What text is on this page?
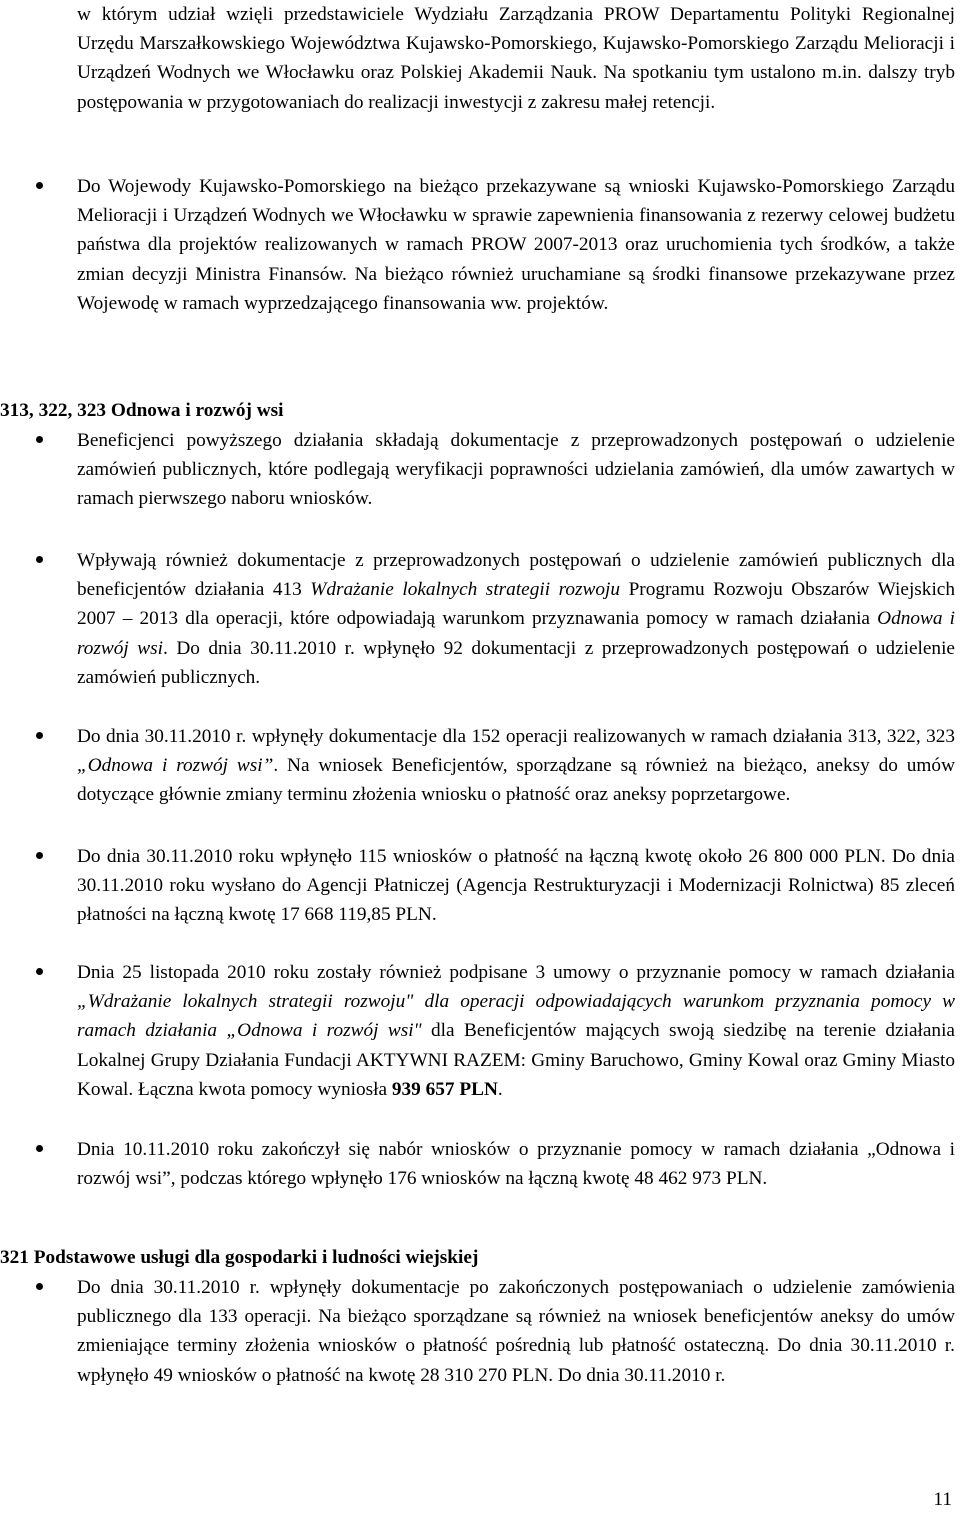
w którym udział wzięli przedstawiciele Wydziału Zarządzania PROW Departamentu Polityki Regionalnej Urzędu Marszałkowskiego Województwa Kujawsko-Pomorskiego, Kujawsko-Pomorskiego Zarządu Melioracji i Urządzeń Wodnych we Włocławku oraz Polskiej Akademii Nauk. Na spotkaniu tym ustalono m.in. dalszy tryb postępowania w przygotowaniach do realizacji inwestycji z zakresu małej retencji.

Do Wojewody Kujawsko-Pomorskiego na bieżąco przekazywane są wnioski Kujawsko-Pomorskiego Zarządu Melioracji i Urządzeń Wodnych we Włocławku w sprawie zapewnienia finansowania z rezerwy celowej budżetu państwa dla projektów realizowanych w ramach PROW 2007-2013 oraz uruchomienia tych środków, a także zmian decyzji Ministra Finansów. Na bieżąco również uruchamiane są środki finansowe przekazywane przez Wojewodę w ramach wyprzedzającego finansowania ww. projektów.

313, 322, 323 Odnowa i rozwój wsi

Beneficjenci powyższego działania składają dokumentacje z przeprowadzonych postępowań o udzielenie zamówień publicznych, które podlegają weryfikacji poprawności udzielania zamówień, dla umów zawartych w ramach pierwszego naboru wniosków.

Wpływają również dokumentacje z przeprowadzonych postępowań o udzielenie zamówień publicznych dla beneficjentów działania 413 Wdrażanie lokalnych strategii rozwoju Programu Rozwoju Obszarów Wiejskich 2007 – 2013 dla operacji, które odpowiadają warunkom przyznawania pomocy w ramach działania Odnowa i rozwój wsi. Do dnia 30.11.2010 r. wpłynęło 92 dokumentacji z przeprowadzonych postępowań o udzielenie zamówień publicznych.

Do dnia 30.11.2010 r. wpłynęły dokumentacje dla 152 operacji realizowanych w ramach działania 313, 322, 323 „Odnowa i rozwój wsi”. Na wniosek Beneficjentów, sporządzane są również na bieżąco, aneksy do umów dotyczące głównie zmiany terminu złożenia wniosku o płatność oraz aneksy poprzetargowe.

Do dnia 30.11.2010 roku wpłynęło 115 wniosków o płatność na łączną kwotę około 26 800 000 PLN. Do dnia 30.11.2010 roku wysłano do Agencji Płatniczej (Agencja Restrukturyzacji i Modernizacji Rolnictwa) 85 zleceń płatności na łączną kwotę 17 668 119,85 PLN.

Dnia 25 listopada 2010 roku zostały również podpisane 3 umowy o przyznanie pomocy w ramach działania „Wdrażanie lokalnych strategii rozwoju" dla operacji odpowiadających warunkom przyznania pomocy w ramach działania „Odnowa i rozwój wsi" dla Beneficjentów mających swoją siedzibę na terenie działania Lokalnej Grupy Działania Fundacji AKTYWNI RAZEM: Gminy Baruchowo, Gminy Kowal oraz Gminy Miasto Kowal. Łączna kwota pomocy wyniosła 939 657 PLN.

Dnia 10.11.2010 roku zakończył się nabór wniosków o przyznanie pomocy w ramach działania „Odnowa i rozwój wsi”, podczas którego wpłynęło 176 wniosków na łączną kwotę 48 462 973 PLN.

321 Podstawowe usługi dla gospodarki i ludności wiejskiej

Do dnia 30.11.2010 r. wpłynęły dokumentacje po zakończonych postępowaniach o udzielenie zamówienia publicznego dla 133 operacji. Na bieżąco sporządzane są również na wniosek beneficjentów aneksy do umów zmieniające terminy złożenia wniosków o płatność pośrednią lub płatność ostateczną. Do dnia 30.11.2010 r. wpłynęło 49 wniosków o płatność na kwotę 28 310 270 PLN. Do dnia 30.11.2010 r.

11
